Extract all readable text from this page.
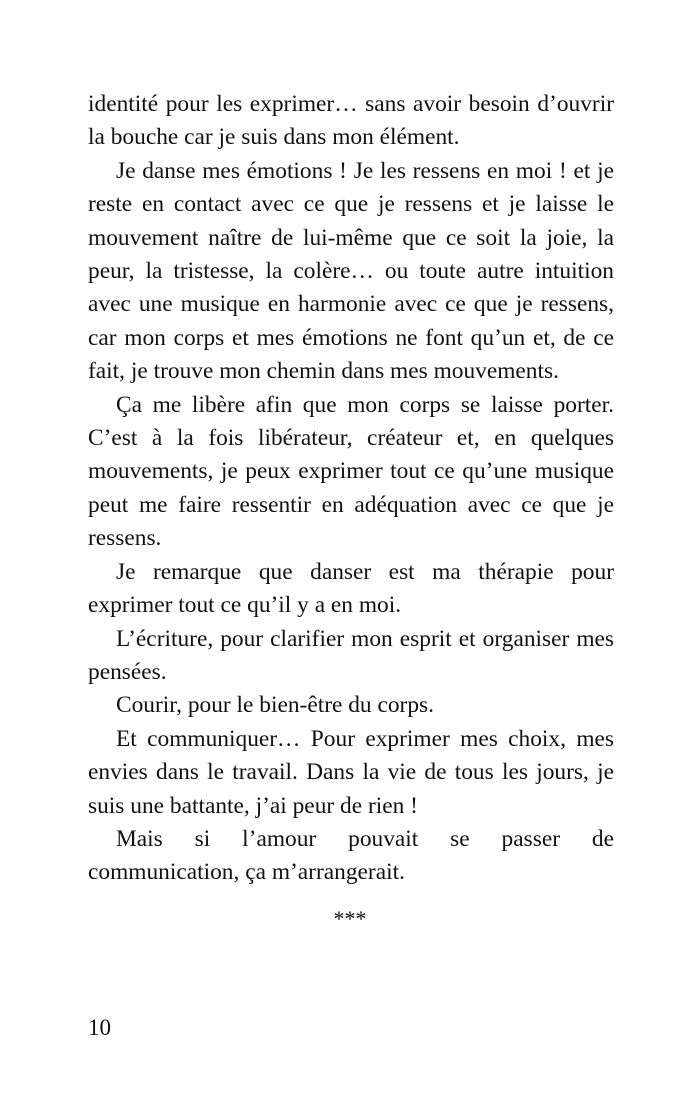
identité pour les exprimer… sans avoir besoin d’ouvrir la bouche car je suis dans mon élément.

Je danse mes émotions ! Je les ressens en moi ! et je reste en contact avec ce que je ressens et je laisse le mouvement naître de lui-même que ce soit la joie, la peur, la tristesse, la colère… ou toute autre intuition avec une musique en harmonie avec ce que je ressens, car mon corps et mes émotions ne font qu’un et, de ce fait, je trouve mon chemin dans mes mouvements.

Ça me libère afin que mon corps se laisse porter. C’est à la fois libérateur, créateur et, en quelques mouvements, je peux exprimer tout ce qu’une musique peut me faire ressentir en adéquation avec ce que je ressens.

Je remarque que danser est ma thérapie pour exprimer tout ce qu’il y a en moi.

L’écriture, pour clarifier mon esprit et organiser mes pensées.

Courir, pour le bien-être du corps.

Et communiquer… Pour exprimer mes choix, mes envies dans le travail. Dans la vie de tous les jours, je suis une battante, j’ai peur de rien !

Mais si l’amour pouvait se passer de communication, ça m’arrangerait.

***
10
